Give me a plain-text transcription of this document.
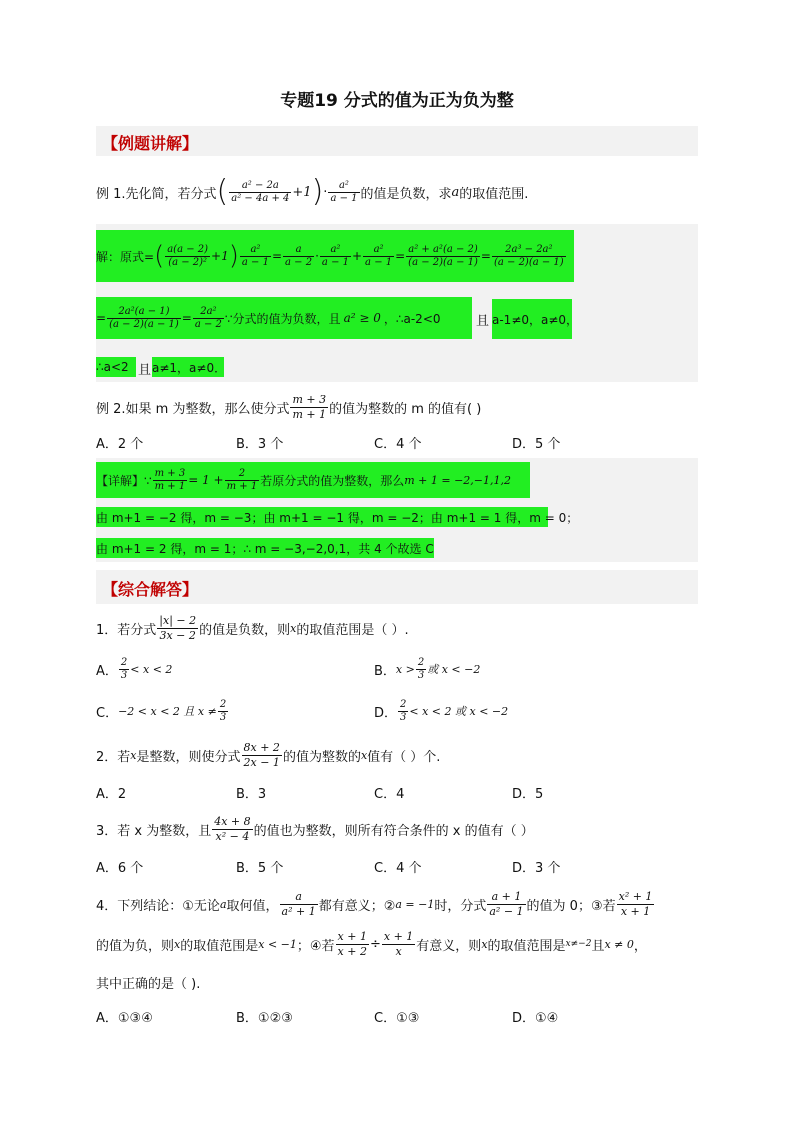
专题19 分式的值为正为负为整
【例题讲解】
例 1.先化简，若分式 ( $\frac{\text{a² − 2a}}{\text{a² − 4a + 4}} +1$ ) · $\frac{\text{a²}}{a - 1}$ 的值是负数，求 a 的取值范围.
解：原式= ( $\frac{a(a - 2)}{\text{(a − 2)²}} +1$ ) $\frac{\text{a²}}{a - 1} = \frac{a}{a - 2} \cdot \frac{\text{a²}}{a - 1} + \frac{\text{a²}}{a - 1} = \frac{\text{a² + a²(a − 2)}}{(a - 2)(a - 1)} = \frac{\text{2a³ − 2a²}}{(a - 2)(a - 1)}$
= $\frac{\text{2a²(a − 1)}}{(a - 2)(a - 1)} = \frac{\text{2a²}}{a - 2}$ ∵分式的值为负数，且 a² ≥ 0 ，∴a-2<0	且 a-1≠0，a≠0，
∴a<2 且 a≠1，a≠0．
例 2.如果 m 为整数，那么使分式 $\frac{m + 3}{m + 1}$ 的值为整数的 m 的值有( )
A．2 个	B．3 个	C．4 个	D．5 个
【详解】∵ $\frac{m + 3}{m + 1} = 1 + \frac{2}{m + 1}$ 若原分式的值为整数，那么 m + 1 = −2,−1,1,2
由 m+1 = −2 得，m = −3；由 m+1 = −1 得，m = −2；由 m+1 = 1 得，m = 0；
由 m+1 = 2 得，m = 1；∴ m = −3,−2,0,1，共 4 个故选 C
【综合解答】
1．若分式 $\frac{|x| - 2}{3x - 2}$ 的值是负数，则 x 的取值范围是（ ）.
A． $\frac{2}{3} < x < 2$	B． $x > \frac{2}{3}$ 或 x < −2
C． −2 < x < 2 且 $x \ne \frac{2}{3}$	D． $\frac{2}{3} < x < 2$ 或 x < −2
2．若 x 是整数，则使分式 $\frac{8x + 2}{2x - 1}$ 的值为整数的 x 值有（ ）个.
A．2	B．3	C．4	D．5
3．若 x 为整数，且 $\frac{4x + 8}{\text{x² − 4}}$ 的值也为整数，则所有符合条件的 x 的值有（ ）
A．6 个	B．5 个	C．4 个	D．3 个
4．下列结论：①无论 a 取何值， $\frac{a}{\text{a² + 1}}$ 都有意义；② a = −1 时，分式 $\frac{a + 1}{\text{a² − 1}}$ 的值为 0；③若 $\frac{\text{x² + 1}}{x + 1}$
的值为负，则 x 的取值范围是 x < −1 ；④若 $\frac{x + 1}{x + 2} \div \frac{x + 1}{x}$ 有意义，则 x 的取值范围是 x≠−2 且 x ≠ 0 ，
其中正确的是（ ).
A．①③④	B．①②③	C．①③	D．①④
